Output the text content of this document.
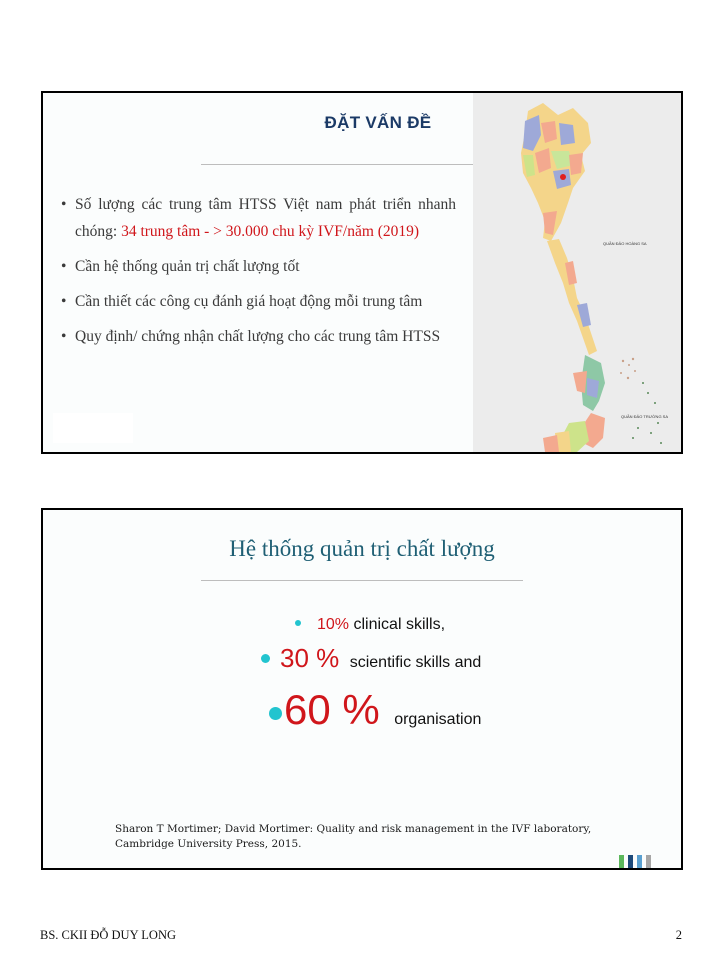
ĐẶT VẤN ĐỀ
• Số lượng các trung tâm HTSS Việt nam phát triển nhanh chóng: 34 trung tâm - > 30.000 chu kỳ IVF/năm (2019)
• Cần hệ thống quản trị chất lượng tốt
• Cần thiết các công cụ đánh giá hoạt động mỗi trung tâm
• Quy định/ chứng nhận chất lượng cho các trung tâm HTSS
QUẦN ĐẢO HOÀNG SA
QUẦN ĐẢO TRƯỜNG SA
Hệ thống quản trị chất lượng
10% clinical skills,
30 % scientific skills and
60 % organisation
Sharon T Mortimer; David Mortimer: Quality and risk management in the IVF laboratory,
Cambridge University Press, 2015.
BS. CKII ĐỖ DUY LONG	2
